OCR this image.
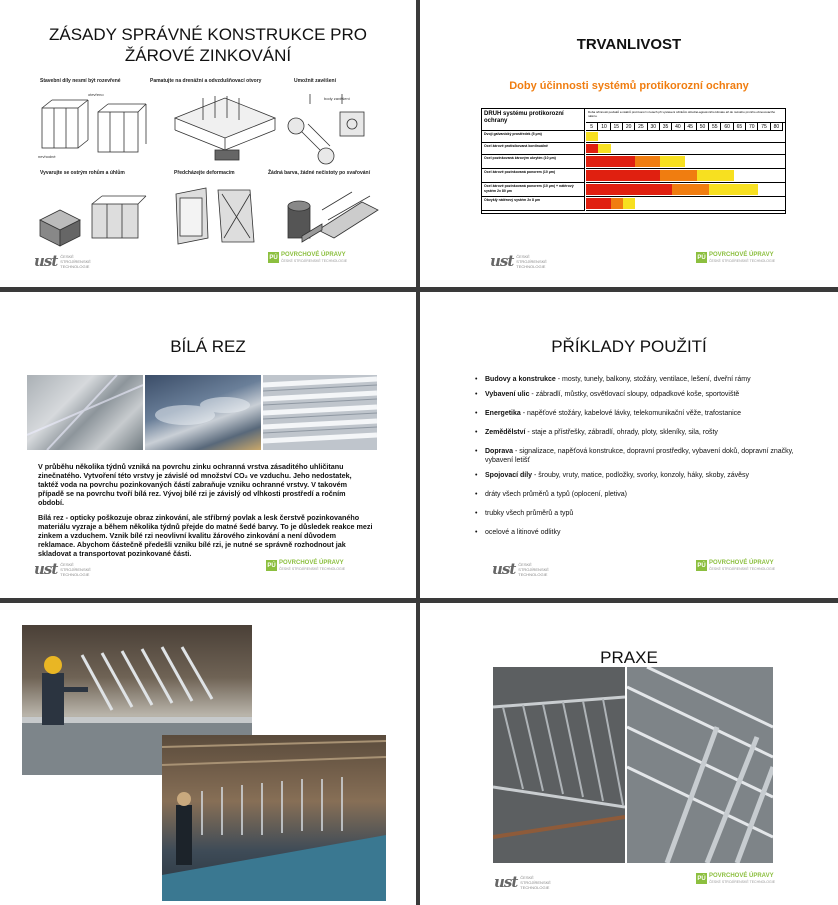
ZÁSADY SPRÁVNÉ KONSTRUKCE PRO
ŽÁROVÉ ZINKOVÁNÍ
Stavební díly nesmí být rozevřené
otevřeno
nevhodné
Pamatujte na drenážní a odvzdušňovací otvory	Umožnit zavěšení
body zavěšení
Vyvarujte se ostrým rohům a úhlům	Předcházejte deformacím	Žádná barva, žádné nečistoty po svařování
ust ČESKÉ STROJÍRENSKÉ TECHNOLOGIE
PÚ POVRCHOVÉ ÚPRAVY
ČESKÉ STROJÍRENSKÉ TECHNOLOGIE
TRVANLIVOST
Doby účinnosti systémů protikorozní ochrany
DRUH systému protikorozní ochrany
Doba účinnosti povlaků a nátěrů proti korozi v letech při vystavení účinkům středně-agresivního klimatu až do nutného prvního obnovovacího nátěru.
5	10	15	20	25	30	35	40	45	50	55	60	65	70	75	80
Dvojí galvanický prostředek (5 µm)
Ocel žárově protisíkovaná kontinuálně
Ocel pozinkovaná žárovým ukrytím (10 µm)
Ocel žárově pozinkovaná ponorem (10 µm)
Ocel žárově pozinkovaná ponorem (10 µm) + nátěrový systém 2x 80 µm
Obvyklý nátěrový systém 2x 8 µm
ust ČESKÉ STROJÍRENSKÉ TECHNOLOGIE
PÚ POVRCHOVÉ ÚPRAVY
ČESKÉ STROJÍRENSKÉ TECHNOLOGIE
BÍLÁ REZ

V průběhu několika týdnů vzniká na povrchu zinku ochranná vrstva zásaditého uhličitanu zinečnatého. Vytvoření této vrstvy je závislé od množství CO₂ ve vzduchu. Jeho nedostatek, taktéž voda na povrchu pozinkovaných částí zabraňuje vzniku ochranné vrstvy. V takovém případě se na povrchu tvoří bílá rez. Vývoj bílé rzi je závislý od vlhkosti prostředí a ročním období.

Bílá rez - opticky poškozuje obraz zinkování, ale stříbrný povlak a lesk čerstvě pozinkovaného materiálu vyzraje a během několika týdnů přejde do matné šedé barvy. To je důsledek reakce mezi zinkem a vzduchem. Vznik bílé rzi neovlivní kvalitu žárového zinkování a není důvodem reklamace. Abychom částečně předešli vzniku bílé rzi, je nutné se správně rozhodnout jak skladovat a transportovat pozinkované části.

ust ČESKÉ STROJÍRENSKÉ TECHNOLOGIE
PÚ POVRCHOVÉ ÚPRAVY
ČESKÉ STROJÍRENSKÉ TECHNOLOGIE
PŘÍKLADY POUŽITÍ
ust ČESKÉ STROJÍRENSKÉ TECHNOLOGIE
PÚ POVRCHOVÉ ÚPRAVY
ČESKÉ STROJÍRENSKÉ TECHNOLOGIE
• Budovy a konstrukce - mosty, tunely, balkony, stožáry, ventilace, lešení, dveřní rámy
• Vybavení ulic - zábradlí, můstky, osvětlovací sloupy, odpadkové koše, sportoviště
• Energetika - napěťové stožáry, kabelové lávky, telekomunikační věže, trafostanice
• Zemědělství - staje a přístřešky, zábradlí, ohrady, ploty, skleníky, sila, rošty
• Doprava - signalizace, napěťová konstrukce, dopravní prostředky, vybavení doků, dopravní značky, vybavení letišť
• Spojovací díly - šrouby, vruty, matice, podložky, svorky, konzoly, háky, skoby, závěsy
• dráty všech průměrů a typů (oplocení, pletiva)
• trubky všech průměrů a typů
• ocelové a litinové odlitky
PRAXE
ust ČESKÉ STROJÍRENSKÉ TECHNOLOGIE
PÚ POVRCHOVÉ ÚPRAVY
ČESKÉ STROJÍRENSKÉ TECHNOLOGIE
